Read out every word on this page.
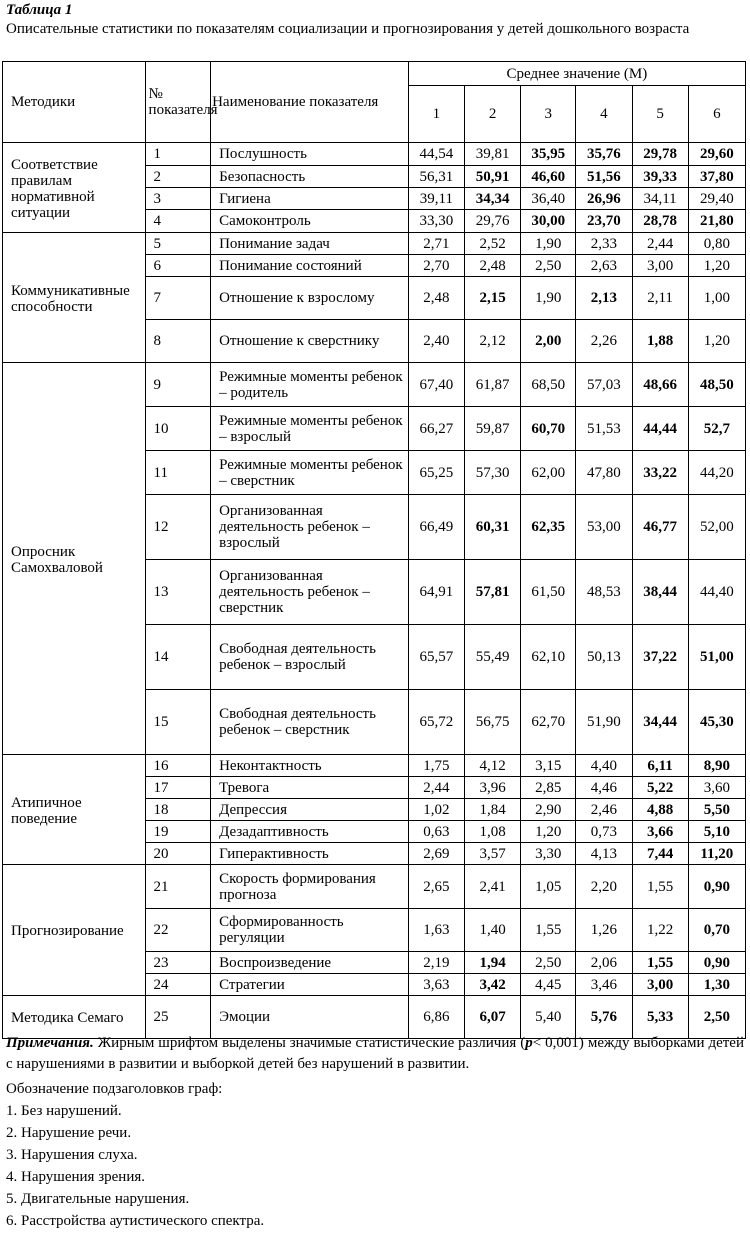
Таблица 1
Описательные статистики по показателям социализации и прогнозирования у детей дошкольного возраста
Методики	№ показателя	Наименование показателя	Среднее значение (М)					
			1	2	3	4	5	6
Соответствие правилам нормативной ситуации	1	Послушность	44,54	39,81	35,95	35,76	29,78	29,60
	2	Безопасность	56,31	50,91	46,60	51,56	39,33	37,80
	3	Гигиена	39,11	34,34	36,40	26,96	34,11	29,40
	4	Самоконтроль	33,30	29,76	30,00	23,70	28,78	21,80
Коммуникативные способности	5	Понимание задач	2,71	2,52	1,90	2,33	2,44	0,80
	6	Понимание состояний	2,70	2,48	2,50	2,63	3,00	1,20
	7	Отношение к взрослому	2,48	2,15	1,90	2,13	2,11	1,00
	8	Отношение к сверстнику	2,40	2,12	2,00	2,26	1,88	1,20
Опросник Самохваловой	9	Режимные моменты ребенок – родитель	67,40	61,87	68,50	57,03	48,66	48,50
	10	Режимные моменты ребенок – взрослый	66,27	59,87	60,70	51,53	44,44	52,7
	11	Режимные моменты ребенок – сверстник	65,25	57,30	62,00	47,80	33,22	44,20
	12	Организованная деятельность ребенок – взрослый	66,49	60,31	62,35	53,00	46,77	52,00
	13	Организованная деятельность ребенок – сверстник	64,91	57,81	61,50	48,53	38,44	44,40
	14	Свободная деятельность ребенок – взрослый	65,57	55,49	62,10	50,13	37,22	51,00
	15	Свободная деятельность ребенок – сверстник	65,72	56,75	62,70	51,90	34,44	45,30
Атипичное поведение	16	Неконтактность	1,75	4,12	3,15	4,40	6,11	8,90
	17	Тревога	2,44	3,96	2,85	4,46	5,22	3,60
	18	Депрессия	1,02	1,84	2,90	2,46	4,88	5,50
	19	Дезадаптивность	0,63	1,08	1,20	0,73	3,66	5,10
	20	Гиперактивность	2,69	3,57	3,30	4,13	7,44	11,20
Прогнозирование	21	Скорость формирования прогноза	2,65	2,41	1,05	2,20	1,55	0,90
	22	Сформированность регуляции	1,63	1,40	1,55	1,26	1,22	0,70
	23	Воспроизведение	2,19	1,94	2,50	2,06	1,55	0,90
	24	Стратегии	3,63	3,42	4,45	3,46	3,00	1,30
Методика Семаго	25	Эмоции	6,86	6,07	5,40	5,76	5,33	2,50

Примечания. Жирным шрифтом выделены значимые статистические различия (p< 0,001) между выборками детей с нарушениями в развитии и выборкой детей без нарушений в развитии.

Обозначение подзаголовков граф:

1. Без нарушений.

2. Нарушение речи.

3. Нарушения слуха.

4. Нарушения зрения.

5. Двигательные нарушения.

6. Расстройства аутистического спектра.
